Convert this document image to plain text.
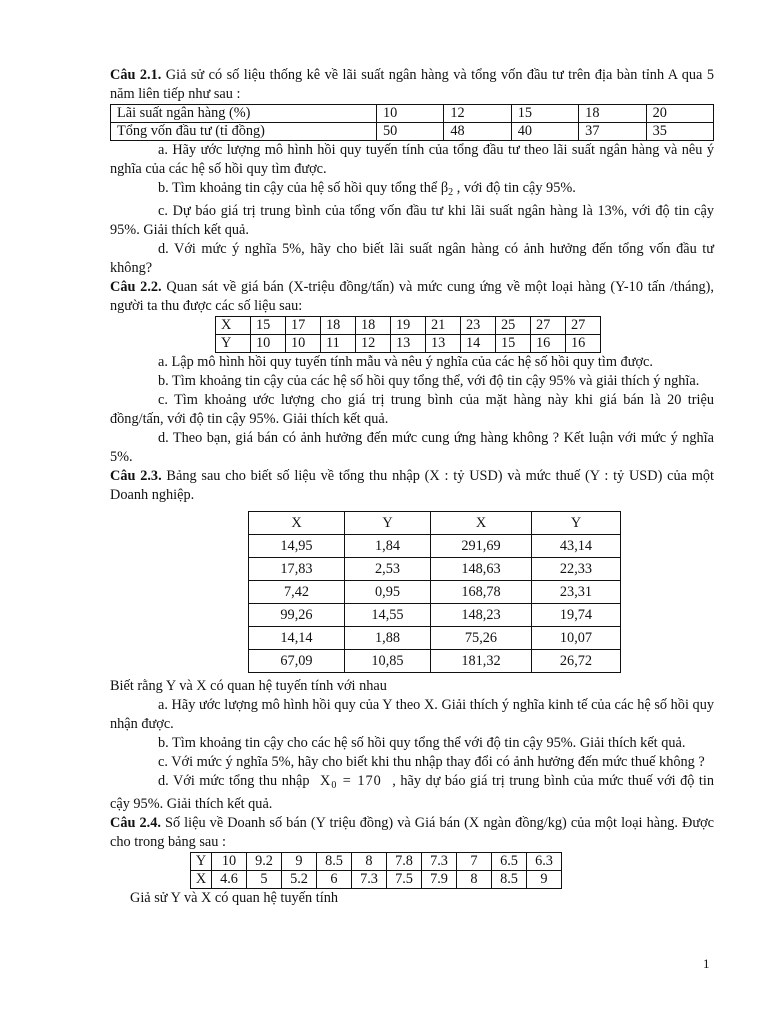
Câu 2.1. Giả sử có số liệu thống kê về lãi suất ngân hàng và tổng vốn đầu tư trên địa bàn tỉnh A qua 5 năm liên tiếp như sau :

Lãi suất ngân hàng (%)	10	12	15	18	20
Tổng vốn đầu tư (tỉ đồng)	50	48	40	37	35

a. Hãy ước lượng mô hình hồi quy tuyến tính của tổng đầu tư theo lãi suất ngân hàng và nêu ý nghĩa của các hệ số hồi quy tìm được.

b. Tìm khoảng tin cậy của hệ số hồi quy tổng thể $\beta_2$ , với độ tin cậy 95%.

c. Dự báo giá trị trung bình của tổng vốn đầu tư khi lãi suất ngân hàng là 13%, với độ tin cậy 95%. Giải thích kết quả.

d. Với mức ý nghĩa 5%, hãy cho biết lãi suất ngân hàng có ảnh hưởng đến tổng vốn đầu tư không?

Câu 2.2. Quan sát về giá bán (X-triệu đồng/tấn) và mức cung ứng về một loại hàng (Y-10 tấn /tháng), người ta thu được các số liệu sau:

X	15	17	18	18	19	21	23	25	27	27
Y	10	10	11	12	13	13	14	15	16	16

a. Lập mô hình hồi quy tuyến tính mẫu và nêu ý nghĩa của các hệ số hồi quy tìm được.

b. Tìm khoảng tin cậy của các hệ số hồi quy tổng thể, với độ tin cậy 95% và giải thích ý nghĩa.

c. Tìm khoảng ước lượng cho giá trị trung bình của mặt hàng này khi giá bán là 20 triệu đồng/tấn, với độ tin cậy 95%. Giải thích kết quả.

d. Theo bạn, giá bán có ảnh hưởng đến mức cung ứng hàng không ? Kết luận với mức ý nghĩa 5%.

Câu 2.3. Bảng sau cho biết số liệu về tổng thu nhập (X : tỷ USD) và mức thuế (Y : tỷ USD) của một Doanh nghiệp.

X	Y	X	Y
14,95	1,84	291,69	43,14
17,83	2,53	148,63	22,33
7,42	0,95	168,78	23,31
99,26	14,55	148,23	19,74
14,14	1,88	75,26	10,07
67,09	10,85	181,32	26,72

Biết rằng Y và X có quan hệ tuyến tính với nhau

a. Hãy ước lượng mô hình hồi quy của Y theo X. Giải thích ý nghĩa kinh tế của các hệ số hồi quy nhận được.

b. Tìm khoảng tin cậy cho các hệ số hồi quy tổng thể với độ tin cậy 95%. Giải thích kết quả.

c. Với mức ý nghĩa 5%, hãy cho biết khi thu nhập thay đổi có ảnh hưởng đến mức thuế không ?

d. Với mức tổng thu nhập $X_0 = 170$ , hãy dự báo giá trị trung bình của mức thuế với độ tin cậy 95%. Giải thích kết quả.

Câu 2.4. Số liệu về Doanh số bán (Y triệu đồng) và Giá bán (X ngàn đồng/kg) của một loại hàng. Được cho trong bảng sau :

Y	10	9.2	9	8.5	8	7.8	7.3	7	6.5	6.3
X	4.6	5	5.2	6	7.3	7.5	7.9	8	8.5	9

Giả sử Y và X có quan hệ tuyến tính

1
